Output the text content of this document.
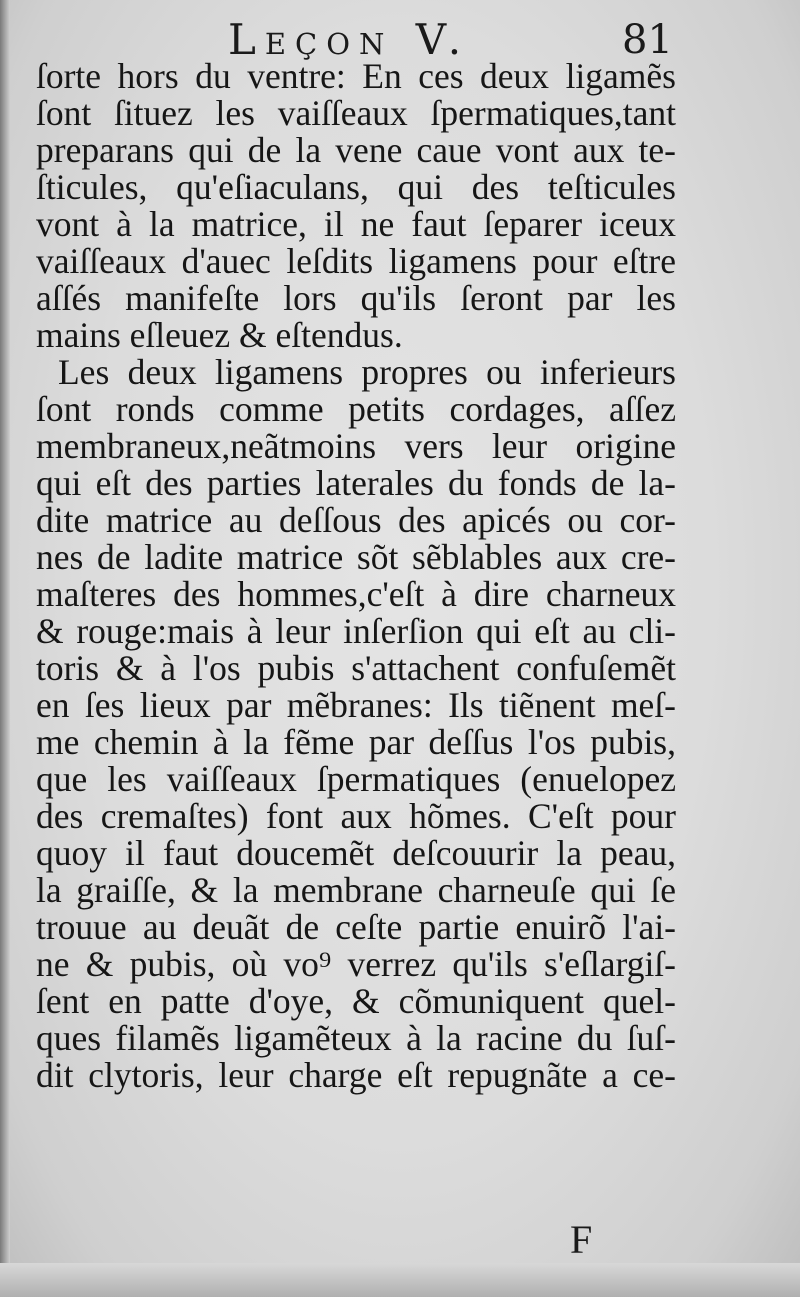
Leçon V.	81
ſorte hors du ventre: En ces deux ligamẽs
ſont ſituez les vaiſſeaux ſpermatiques,tant
preparans qui de la vene caue vont aux te-
ſticules, qu'eſiaculans, qui des teſticules
vont à la matrice, il ne faut ſeparer iceux
vaiſſeaux d'auec leſdits ligamens pour eſtre
aſſés manifeſte lors qu'ils ſeront par les
mains eſleuez & eſtendus.
Les deux ligamens propres ou inferieurs
ſont ronds comme petits cordages, aſſez
membraneux,neãtmoins vers leur origine
qui eſt des parties laterales du fonds de la-
dite matrice au deſſous des apicés ou cor-
nes de ladite matrice sõt sẽblables aux cre-
maſteres des hommes,c'eſt à dire charneux
& rouge:mais à leur inſerſion qui eſt au cli-
toris & à l'os pubis s'attachent confuſemẽt
en ſes lieux par mẽbranes: Ils tiẽnent meſ-
me chemin à la fẽme par deſſus l'os pubis,
que les vaiſſeaux ſpermatiques (enuelopez
des cremaſtes) font aux hõmes. C'eſt pour
quoy il faut doucemẽt deſcouurir la peau,
la graiſſe, & la membrane charneuſe qui ſe
trouue au deuãt de ceſte partie enuirõ l'ai-
ne & pubis, où vo⁹ verrez qu'ils s'eſlargiſ-
ſent en patte d'oye, & cõmuniquent quel-
ques filamẽs ligamẽteux à la racine du ſuſ-
dit clytoris, leur charge eſt repugnãte a ce-
F
